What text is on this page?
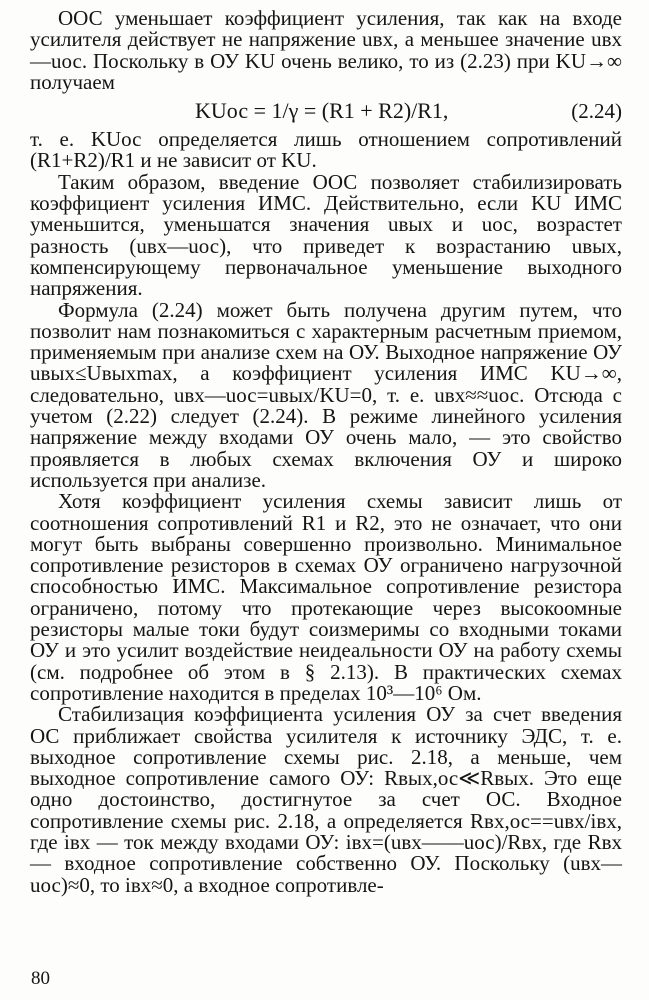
ООС уменьшает коэффициент усиления, так как на входе усилителя действует не напряжение uвх, а меньшее значение uвх—uос. Поскольку в ОУ KU очень велико, то из (2.23) при KU→∞ получаем

KUос = 1/γ = (R1 + R2)/R1,	(2.24)

т. е. KUос определяется лишь отношением сопротивлений (R1+R2)/R1 и не зависит от KU.

Таким образом, введение ООС позволяет стабилизировать коэффициент усиления ИМС. Действительно, если KU ИМС уменьшится, уменьшатся значения uвых и uос, возрастет разность (uвх—uос), что приведет к возрастанию uвых, компенсирующему первоначальное уменьшение выходного напряжения.

Формула (2.24) может быть получена другим путем, что позволит нам познакомиться с характерным расчетным приемом, применяемым при анализе схем на ОУ. Выходное напряжение ОУ uвых≤Uвыхmax, а коэффициент усиления ИМС KU→∞, следовательно, uвх—uос=uвых/KU=0, т. е. uвх≈≈uос. Отсюда с учетом (2.22) следует (2.24). В режиме линейного усиления напряжение между входами ОУ очень мало, — это свойство проявляется в любых схемах включения ОУ и широко используется при анализе.

Хотя коэффициент усиления схемы зависит лишь от соотношения сопротивлений R1 и R2, это не означает, что они могут быть выбраны совершенно произвольно. Минимальное сопротивление резисторов в схемах ОУ ограничено нагрузочной способностью ИМС. Максимальное сопротивление резистора ограничено, потому что протекающие через высокоомные резисторы малые токи будут соизмеримы со входными токами ОУ и это усилит воздействие неидеальности ОУ на работу схемы (см. подробнее об этом в § 2.13). В практических схемах сопротивление находится в пределах 10³—10⁶ Ом.

Стабилизация коэффициента усиления ОУ за счет введения ОС приближает свойства усилителя к источнику ЭДС, т. е. выходное сопротивление схемы рис. 2.18, а меньше, чем выходное сопротивление самого ОУ: Rвых,ос≪Rвых. Это еще одно достоинство, достигнутое за счет ОС. Входное сопротивление схемы рис. 2.18, а определяется Rвх,ос==uвх/iвх, где iвх — ток между входами ОУ: iвх=(uвх——uос)/Rвх, где Rвх — входное сопротивление собственно ОУ. Поскольку (uвх—uос)≈0, то iвх≈0, а входное сопротивле-

80
